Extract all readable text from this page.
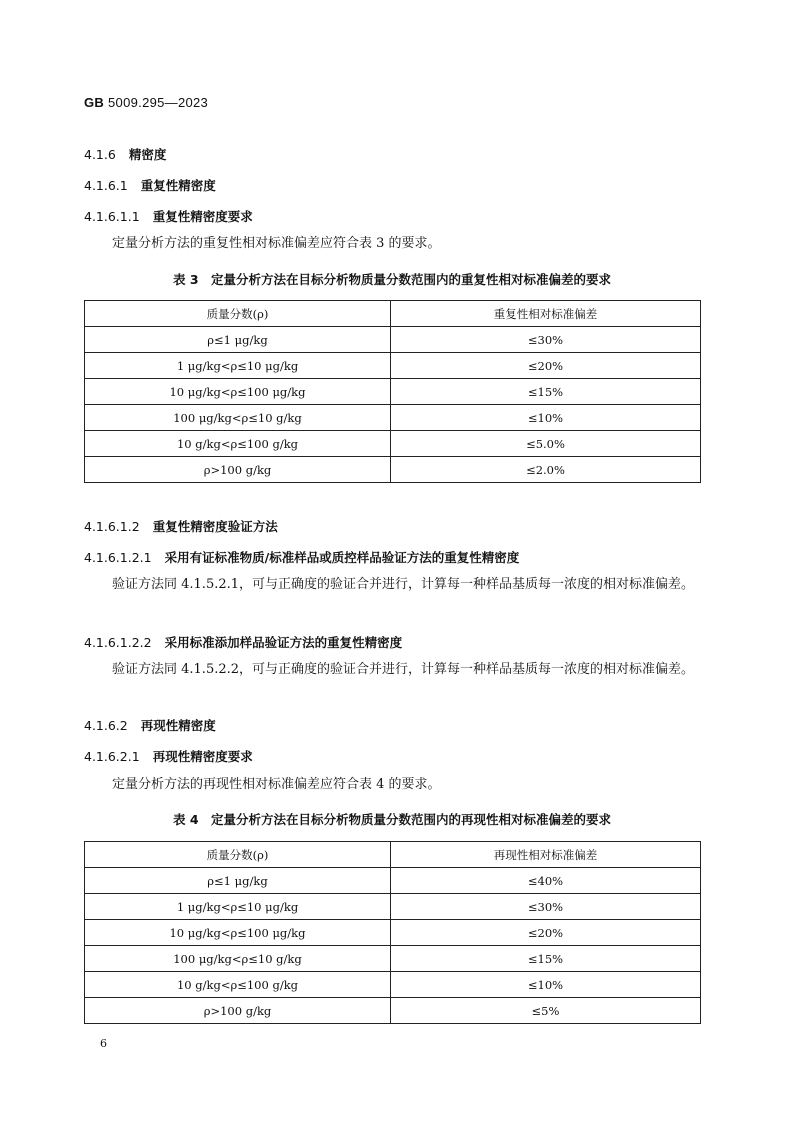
GB 5009.295—2023
4.1.6 精密度
4.1.6.1 重复性精密度
4.1.6.1.1 重复性精密度要求
定量分析方法的重复性相对标准偏差应符合表 3 的要求。
表 3　定量分析方法在目标分析物质量分数范围内的重复性相对标准偏差的要求
质量分数(ρ)	重复性相对标准偏差
ρ≤1 μg/kg	≤30%
1 μg/kg<ρ≤10 μg/kg	≤20%
10 μg/kg<ρ≤100 μg/kg	≤15%
100 μg/kg<ρ≤10 g/kg	≤10%
10 g/kg<ρ≤100 g/kg	≤5.0%
ρ>100 g/kg	≤2.0%
4.1.6.1.2 重复性精密度验证方法
4.1.6.1.2.1 采用有证标准物质/标准样品或质控样品验证方法的重复性精密度
验证方法同 4.1.5.2.1，可与正确度的验证合并进行，计算每一种样品基质每一浓度的相对标准偏差。
4.1.6.1.2.2 采用标准添加样品验证方法的重复性精密度
验证方法同 4.1.5.2.2，可与正确度的验证合并进行，计算每一种样品基质每一浓度的相对标准偏差。
4.1.6.2 再现性精密度
4.1.6.2.1 再现性精密度要求
定量分析方法的再现性相对标准偏差应符合表 4 的要求。
表 4　定量分析方法在目标分析物质量分数范围内的再现性相对标准偏差的要求
质量分数(ρ)	再现性相对标准偏差
ρ≤1 μg/kg	≤40%
1 μg/kg<ρ≤10 μg/kg	≤30%
10 μg/kg<ρ≤100 μg/kg	≤20%
100 μg/kg<ρ≤10 g/kg	≤15%
10 g/kg<ρ≤100 g/kg	≤10%
ρ>100 g/kg	≤5%
6
